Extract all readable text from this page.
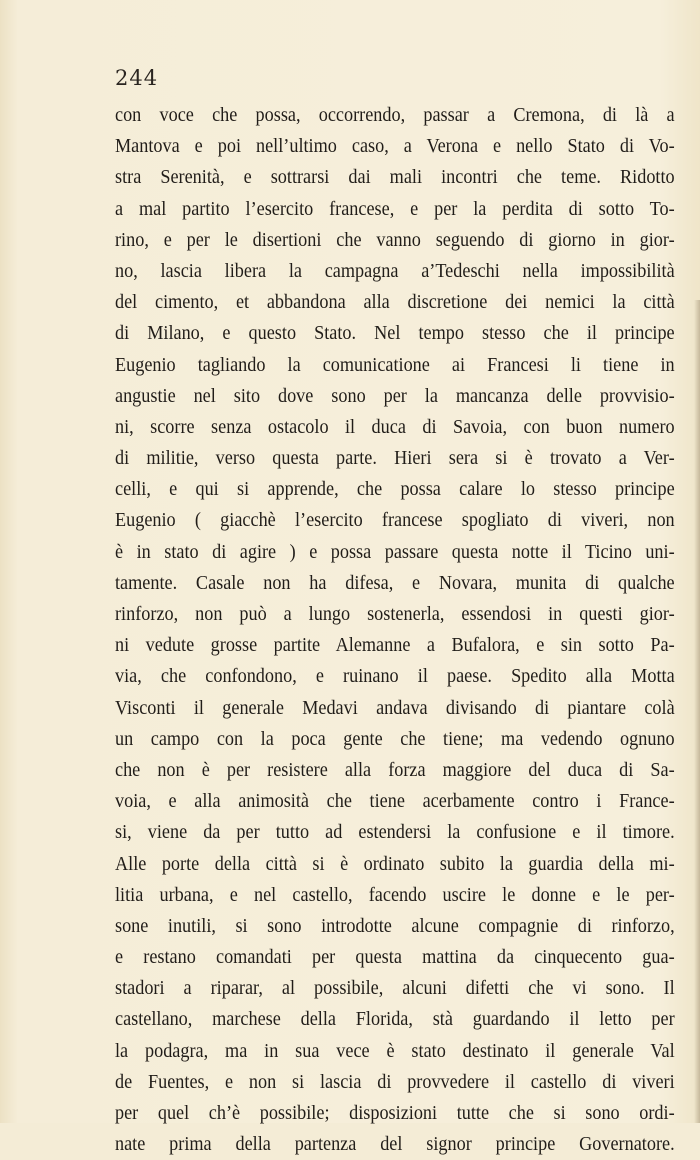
244
con voce che possa, occorrendo, passar a Cremona, di là a
Mantova e poi nell’ultimo caso, a Verona e nello Stato di Vo-
stra Serenità, e sottrarsi dai mali incontri che teme. Ridotto
a mal partito l’esercito francese, e per la perdita di sotto To-
rino, e per le disertioni che vanno seguendo di giorno in gior-
no, lascia libera la campagna a’Tedeschi nella impossibilità
del cimento, et abbandona alla discretione dei nemici la città
di Milano, e questo Stato. Nel tempo stesso che il principe
Eugenio tagliando la comunicatione ai Francesi li tiene in
angustie nel sito dove sono per la mancanza delle provvisio-
ni, scorre senza ostacolo il duca di Savoia, con buon numero
di militie, verso questa parte. Hieri sera si è trovato a Ver-
celli, e qui si apprende, che possa calare lo stesso principe
Eugenio ( giacchè l’esercito francese spogliato di viveri, non
è in stato di agire ) e possa passare questa notte il Ticino uni-
tamente. Casale non ha difesa, e Novara, munita di qualche
rinforzo, non può a lungo sostenerla, essendosi in questi gior-
ni vedute grosse partite Alemanne a Bufalora, e sin sotto Pa-
via, che confondono, e ruinano il paese. Spedito alla Motta
Visconti il generale Medavi andava divisando di piantare colà
un campo con la poca gente che tiene; ma vedendo ognuno
che non è per resistere alla forza maggiore del duca di Sa-
voia, e alla animosità che tiene acerbamente contro i France-
si, viene da per tutto ad estendersi la confusione e il timore.
Alle porte della città si è ordinato subito la guardia della mi-
litia urbana, e nel castello, facendo uscire le donne e le per-
sone inutili, si sono introdotte alcune compagnie di rinforzo,
e restano comandati per questa mattina da cinquecento gua-
stadori a riparar, al possibile, alcuni difetti che vi sono. Il
castellano, marchese della Florida, stà guardando il letto per
la podagra, ma in sua vece è stato destinato il generale Val
de Fuentes, e non si lascia di provvedere il castello di viveri
per quel ch’è possibile; disposizioni tutte che si sono ordi-
nate prima della partenza del signor principe Governatore.
